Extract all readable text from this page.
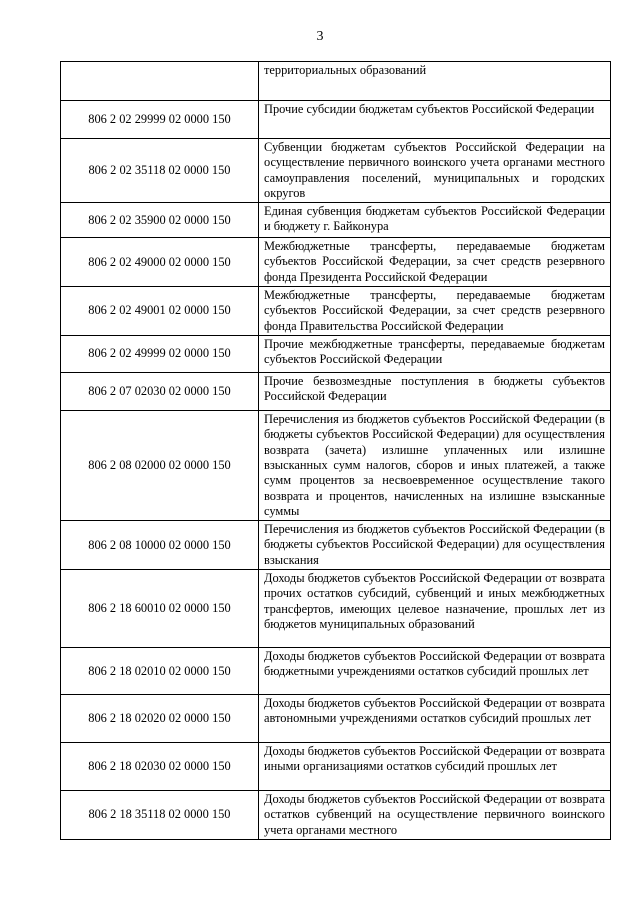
3
	территориальных образований
806 2 02 29999 02 0000 150	Прочие субсидии бюджетам субъектов Российской Федерации
806 2 02 35118 02 0000 150	Субвенции бюджетам субъектов Российской Федерации на осуществление первичного воинского учета органами местного самоуправления поселений, муниципальных и городских округов
806 2 02 35900 02 0000 150	Единая субвенция бюджетам субъектов Российской Федерации и бюджету г. Байконура
806 2 02 49000 02 0000 150	Межбюджетные трансферты, передаваемые бюджетам субъектов Российской Федерации, за счет средств резервного фонда Президента Российской Федерации
806 2 02 49001 02 0000 150	Межбюджетные трансферты, передаваемые бюджетам субъектов Российской Федерации, за счет средств резервного фонда Правительства Российской Федерации
806 2 02 49999 02 0000 150	Прочие межбюджетные трансферты, передаваемые бюджетам субъектов Российской Федерации
806 2 07 02030 02 0000 150	Прочие безвозмездные поступления в бюджеты субъектов Российской Федерации
806 2 08 02000 02 0000 150	Перечисления из бюджетов субъектов Российской Федерации (в бюджеты субъектов Российской Федерации) для осуществления возврата (зачета) излишне уплаченных или излишне взысканных сумм налогов, сборов и иных платежей, а также сумм процентов за несвоевременное осуществление такого возврата и процентов, начисленных на излишне взысканные суммы
806 2 08 10000 02 0000 150	Перечисления из бюджетов субъектов Российской Федерации (в бюджеты субъектов Российской Федерации) для осуществления взыскания
806 2 18 60010 02 0000 150	Доходы бюджетов субъектов Российской Федерации от возврата прочих остатков субсидий, субвенций и иных межбюджетных трансфертов, имеющих целевое назначение, прошлых лет из бюджетов муниципальных образований
806 2 18 02010 02 0000 150	Доходы бюджетов субъектов Российской Федерации от возврата бюджетными учреждениями остатков субсидий прошлых лет
806 2 18 02020 02 0000 150	Доходы бюджетов субъектов Российской Федерации от возврата автономными учреждениями остатков субсидий прошлых лет
806 2 18 02030 02 0000 150	Доходы бюджетов субъектов Российской Федерации от возврата иными организациями остатков субсидий прошлых лет
806 2 18 35118 02 0000 150	Доходы бюджетов субъектов Российской Федерации от возврата остатков субвенций на осуществление первичного воинского учета органами местного
